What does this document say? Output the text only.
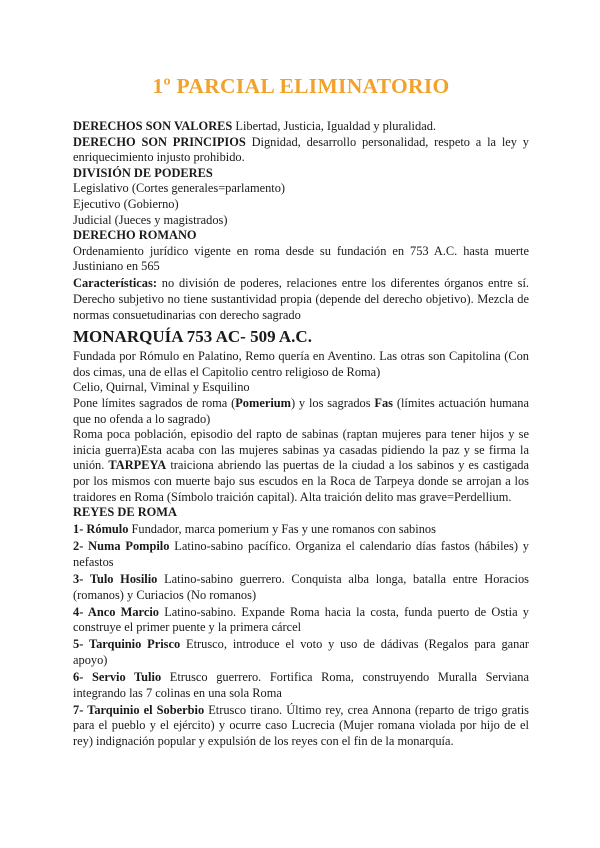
1º PARCIAL ELIMINATORIO

DERECHOS SON VALORES Libertad, Justicia, Igualdad y pluralidad.

DERECHO SON PRINCIPIOS Dignidad, desarrollo personalidad, respeto a la ley y enriquecimiento injusto prohibido.

DIVISIÓN DE PODERES

Legislativo (Cortes generales=parlamento)

Ejecutivo (Gobierno)

Judicial (Jueces y magistrados)

DERECHO ROMANO

Ordenamiento jurídico vigente en roma desde su fundación en 753 A.C. hasta muerte Justiniano en 565

Características: no división de poderes, relaciones entre los diferentes órganos entre sí. Derecho subjetivo no tiene sustantividad propia (depende del derecho objetivo). Mezcla de normas consuetudinarias con derecho sagrado

MONARQUÍA 753 AC- 509 A.C.

Fundada por Rómulo en Palatino, Remo quería en Aventino. Las otras son Capitolina (Con dos cimas, una de ellas el Capitolio centro religioso de Roma)

Celio, Quirnal, Viminal y Esquilino

Pone límites sagrados de roma (Pomerium) y los sagrados Fas (límites actuación humana que no ofenda a lo sagrado)

Roma poca población, episodio del rapto de sabinas (raptan mujeres para tener hijos y se inicia guerra)Esta acaba con las mujeres sabinas ya casadas pidiendo la paz y se firma la unión. TARPEYA traiciona abriendo las puertas de la ciudad a los sabinos y es castigada por los mismos con muerte bajo sus escudos en la Roca de Tarpeya donde se arrojan a los traidores en Roma (Símbolo traición capital). Alta traición delito mas grave=Perdellium.

REYES DE ROMA

1- Rómulo Fundador, marca pomerium y Fas y une romanos con sabinos

2- Numa Pompilo Latino-sabino pacífico. Organiza el calendario días fastos (hábiles) y nefastos

3- Tulo Hosilio Latino-sabino guerrero. Conquista alba longa, batalla entre Horacios (romanos) y Curiacios (No romanos)

4- Anco Marcio Latino-sabino. Expande Roma hacia la costa, funda puerto de Ostia y construye el primer puente y la primera cárcel

5- Tarquinio Prisco Etrusco, introduce el voto y uso de dádivas (Regalos para ganar apoyo)

6- Servio Tulio Etrusco guerrero. Fortifica Roma, construyendo Muralla Serviana integrando las 7 colinas en una sola Roma

7- Tarquinio el Soberbio Etrusco tirano. Último rey, crea Annona (reparto de trigo gratis para el pueblo y el ejército) y ocurre caso Lucrecia (Mujer romana violada por hijo de el rey) indignación popular y expulsión de los reyes con el fin de la monarquía.
